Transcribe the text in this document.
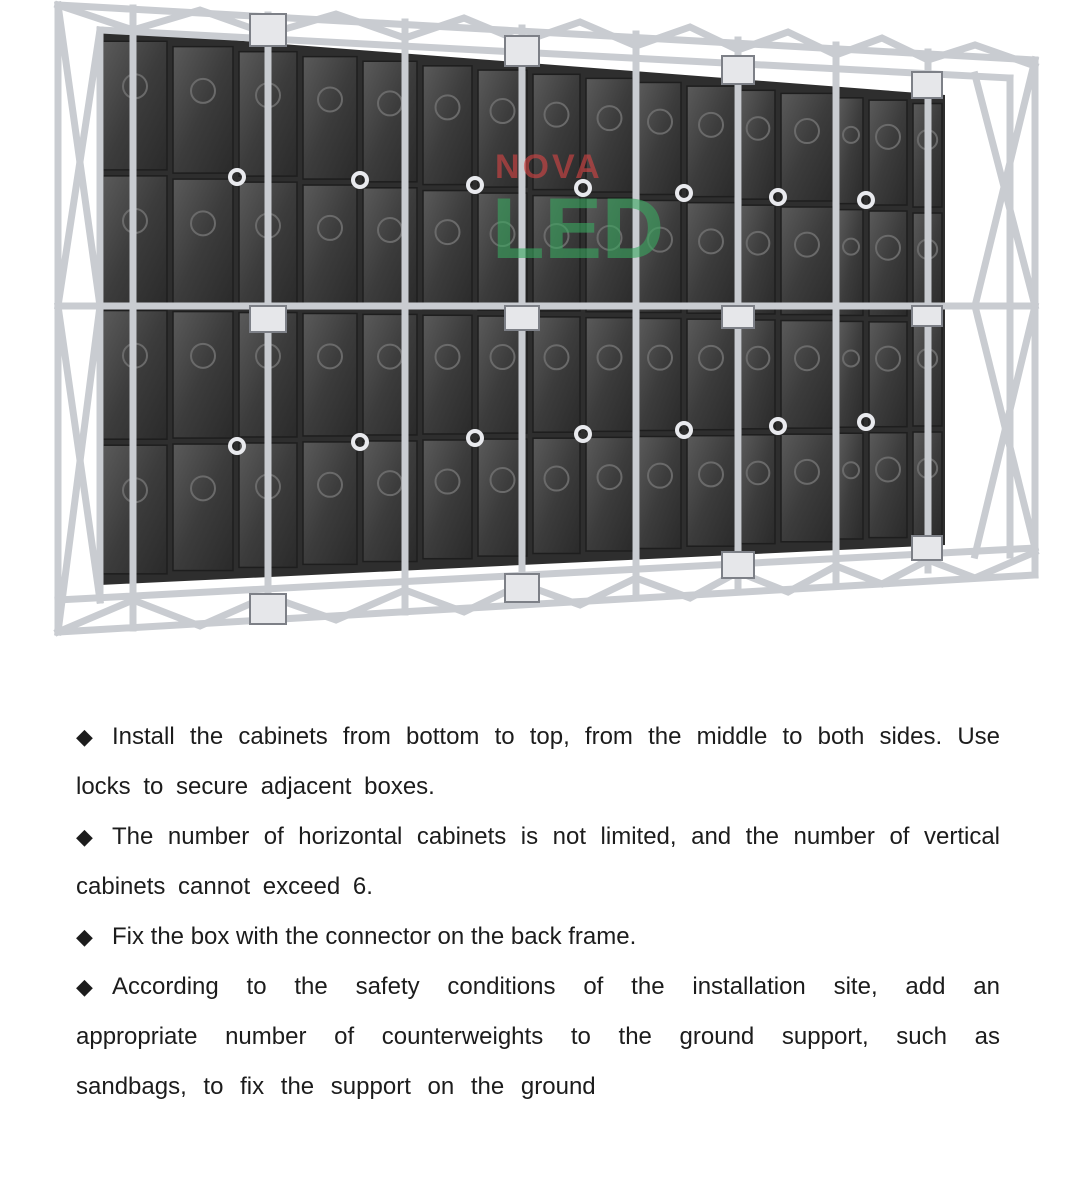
NOVA
LED
◆ Install the cabinets from bottom to top, from the middle to both sides. Use locks to secure adjacent boxes.
◆ The number of horizontal cabinets is not limited, and the number of vertical cabinets cannot exceed 6.
◆ Fix the box with the connector on the back frame.
◆ According to the safety conditions of the installation site, add an appropriate number of counterweights to the ground support, such as sandbags, to fix the support on the ground
